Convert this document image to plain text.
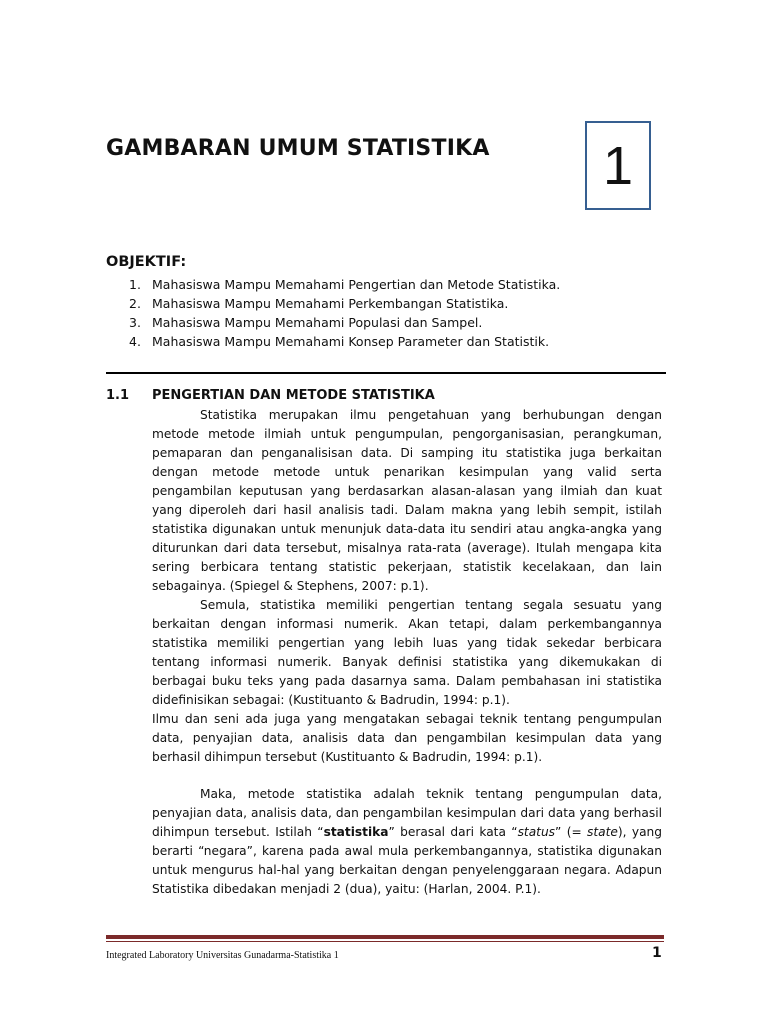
GAMBARAN UMUM STATISTIKA	1
OBJEKTIF:
1. Mahasiswa Mampu Memahami Pengertian dan Metode Statistika.
2. Mahasiswa Mampu Memahami Perkembangan Statistika.
3. Mahasiswa Mampu Memahami Populasi dan Sampel.
4. Mahasiswa Mampu Memahami Konsep Parameter dan Statistik.
1.1 PENGERTIAN DAN METODE STATISTIKA

Statistika merupakan ilmu pengetahuan yang berhubungan dengan metode metode ilmiah untuk pengumpulan, pengorganisasian, perangkuman, pemaparan dan penganalisisan data. Di samping itu statistika juga berkaitan dengan metode metode untuk penarikan kesimpulan yang valid serta pengambilan keputusan yang berdasarkan alasan-alasan yang ilmiah dan kuat yang diperoleh dari hasil analisis tadi. Dalam makna yang lebih sempit, istilah statistika digunakan untuk menunjuk data-data itu sendiri atau angka-angka yang diturunkan dari data tersebut, misalnya rata-rata (average). Itulah mengapa kita sering berbicara tentang statistic pekerjaan, statistik kecelakaan, dan lain sebagainya. (Spiegel & Stephens, 2007: p.1).

Semula, statistika memiliki pengertian tentang segala sesuatu yang berkaitan dengan informasi numerik. Akan tetapi, dalam perkembangannya statistika memiliki pengertian yang lebih luas yang tidak sekedar berbicara tentang informasi numerik. Banyak definisi statistika yang dikemukakan di berbagai buku teks yang pada dasarnya sama. Dalam pembahasan ini statistika didefinisikan sebagai: (Kustituanto & Badrudin, 1994: p.1).

Ilmu dan seni ada juga yang mengatakan sebagai teknik tentang pengumpulan data, penyajian data, analisis data dan pengambilan kesimpulan data yang berhasil dihimpun tersebut (Kustituanto & Badrudin, 1994: p.1).

Maka, metode statistika adalah teknik tentang pengumpulan data, penyajian data, analisis data, dan pengambilan kesimpulan dari data yang berhasil dihimpun tersebut. Istilah “statistika” berasal dari kata “status” (= state), yang berarti “negara”, karena pada awal mula perkembangannya, statistika digunakan untuk mengurus hal-hal yang berkaitan dengan penyelenggaraan negara. Adapun Statistika dibedakan menjadi 2 (dua), yaitu: (Harlan, 2004. P.1).

Integrated Laboratory Universitas Gunadarma-Statistika 1	1
